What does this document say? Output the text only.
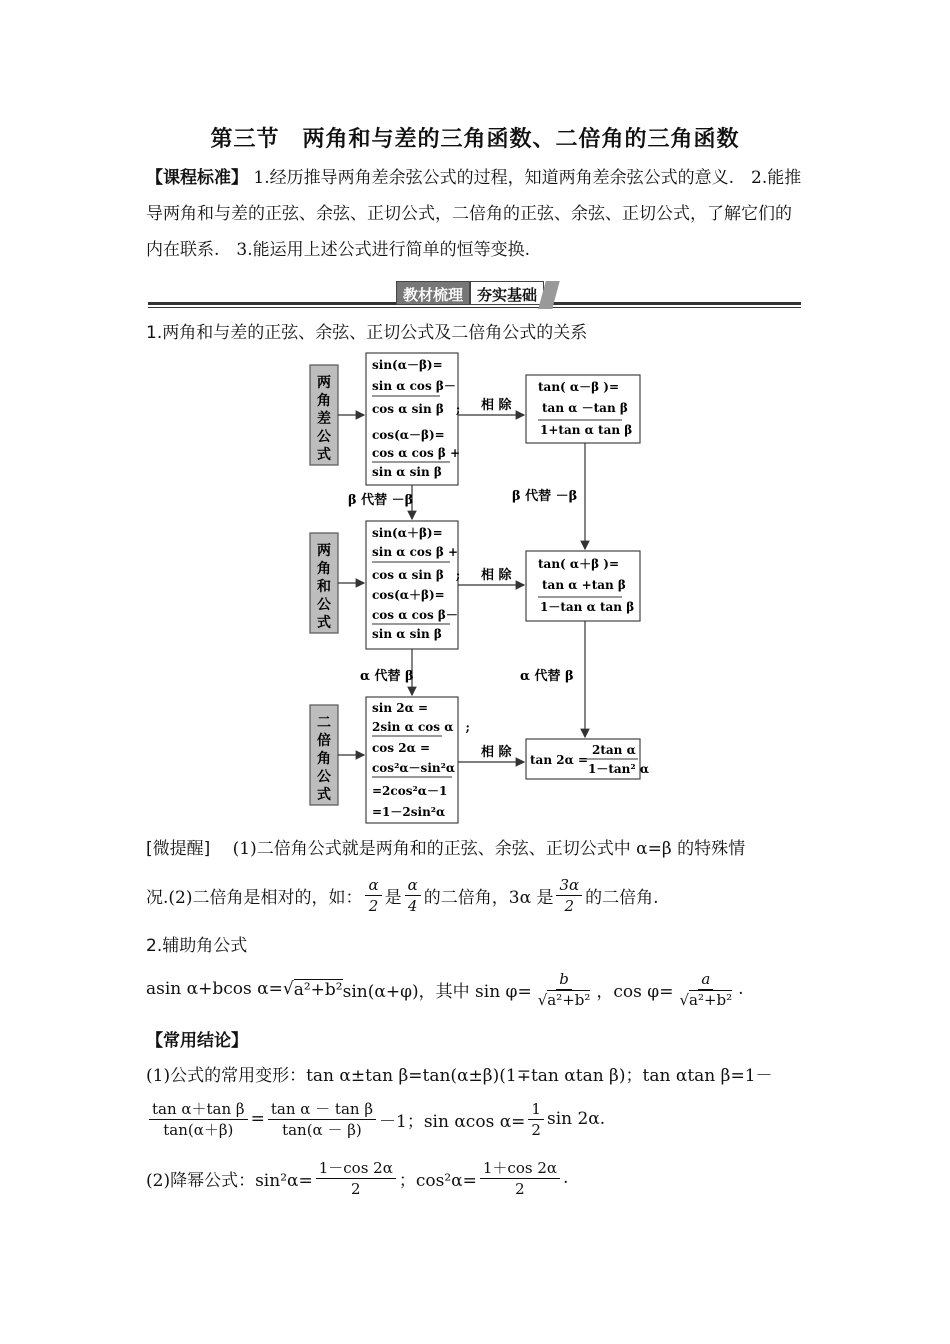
第三节　两角和与差的三角函数、二倍角的三角函数
【课程标准】 1.经历推导两角差余弦公式的过程，知道两角差余弦公式的意义.　2.能推导两角和与差的正弦、余弦、正切公式，二倍角的正弦、余弦、正切公式，了解它们的内在联系.　3.能运用上述公式进行简单的恒等变换.
教材梳理 夯实基础
1.两角和与差的正弦、余弦、正切公式及二倍角公式的关系
两
角
差
公
式
两
角
和
公
式
二
倍
角
公
式
sin(α－β)=
sin α cos β－
cos α sin β　;
cos(α－β)=
cos α cos β +
sin α sin β
sin(α＋β)=
sin α cos β +
cos α sin β　;
cos(α＋β)=
cos α cos β－
sin α sin β
sin 2α =
2sin α cos α　;
cos 2α =
cos²α－sin²α
=2cos²α－1
=1－2sin²α
tan( α－β )=
tan α －tan β
1+tan α tan β
tan( α＋β )=
tan α +tan β
1－tan α tan β
tan 2α =
2tan α
1－tan² α
相 除
相 除
相 除
β 代替 －β	β 代替 －β
α 代替 β	α 代替 β
[微提醒]　 (1)二倍角公式就是两角和的正弦、余弦、正切公式中 α=β 的特殊情
况.(2)二倍角是相对的，如： $\frac{\alpha}{2}$ 是 $\frac{\alpha}{4}$ 的二倍角，3α 是 $\frac{3\alpha}{2}$ 的二倍角.
2.辅助角公式
asin α+bcos α= √ a²+b² sin(α+φ)，其中 $\sin \varphi= \frac{b}{\text{√a²+b²}}$ ，$\cos \varphi= \frac{a}{\text{√a²+b²}}$ .
【常用结论】
(1)公式的常用变形：tan α±tan β=tan(α±β)(1∓tan αtan β)；tan αtan β=1－
$\frac{\text{tan α＋tan β}}{\tan(\alpha+\beta)} = \frac{\text{tan α － tan β}}{\tan(\alpha - \beta)} -1$；sin αcos $\alpha= \frac{1}{2}$ sin 2α.
(2)降幂公式：$\sin^2\alpha= \frac{1-\cos 2\alpha}{2}$ ；$\cos^2\alpha= \frac{1+\cos 2\alpha}{2}$ .
